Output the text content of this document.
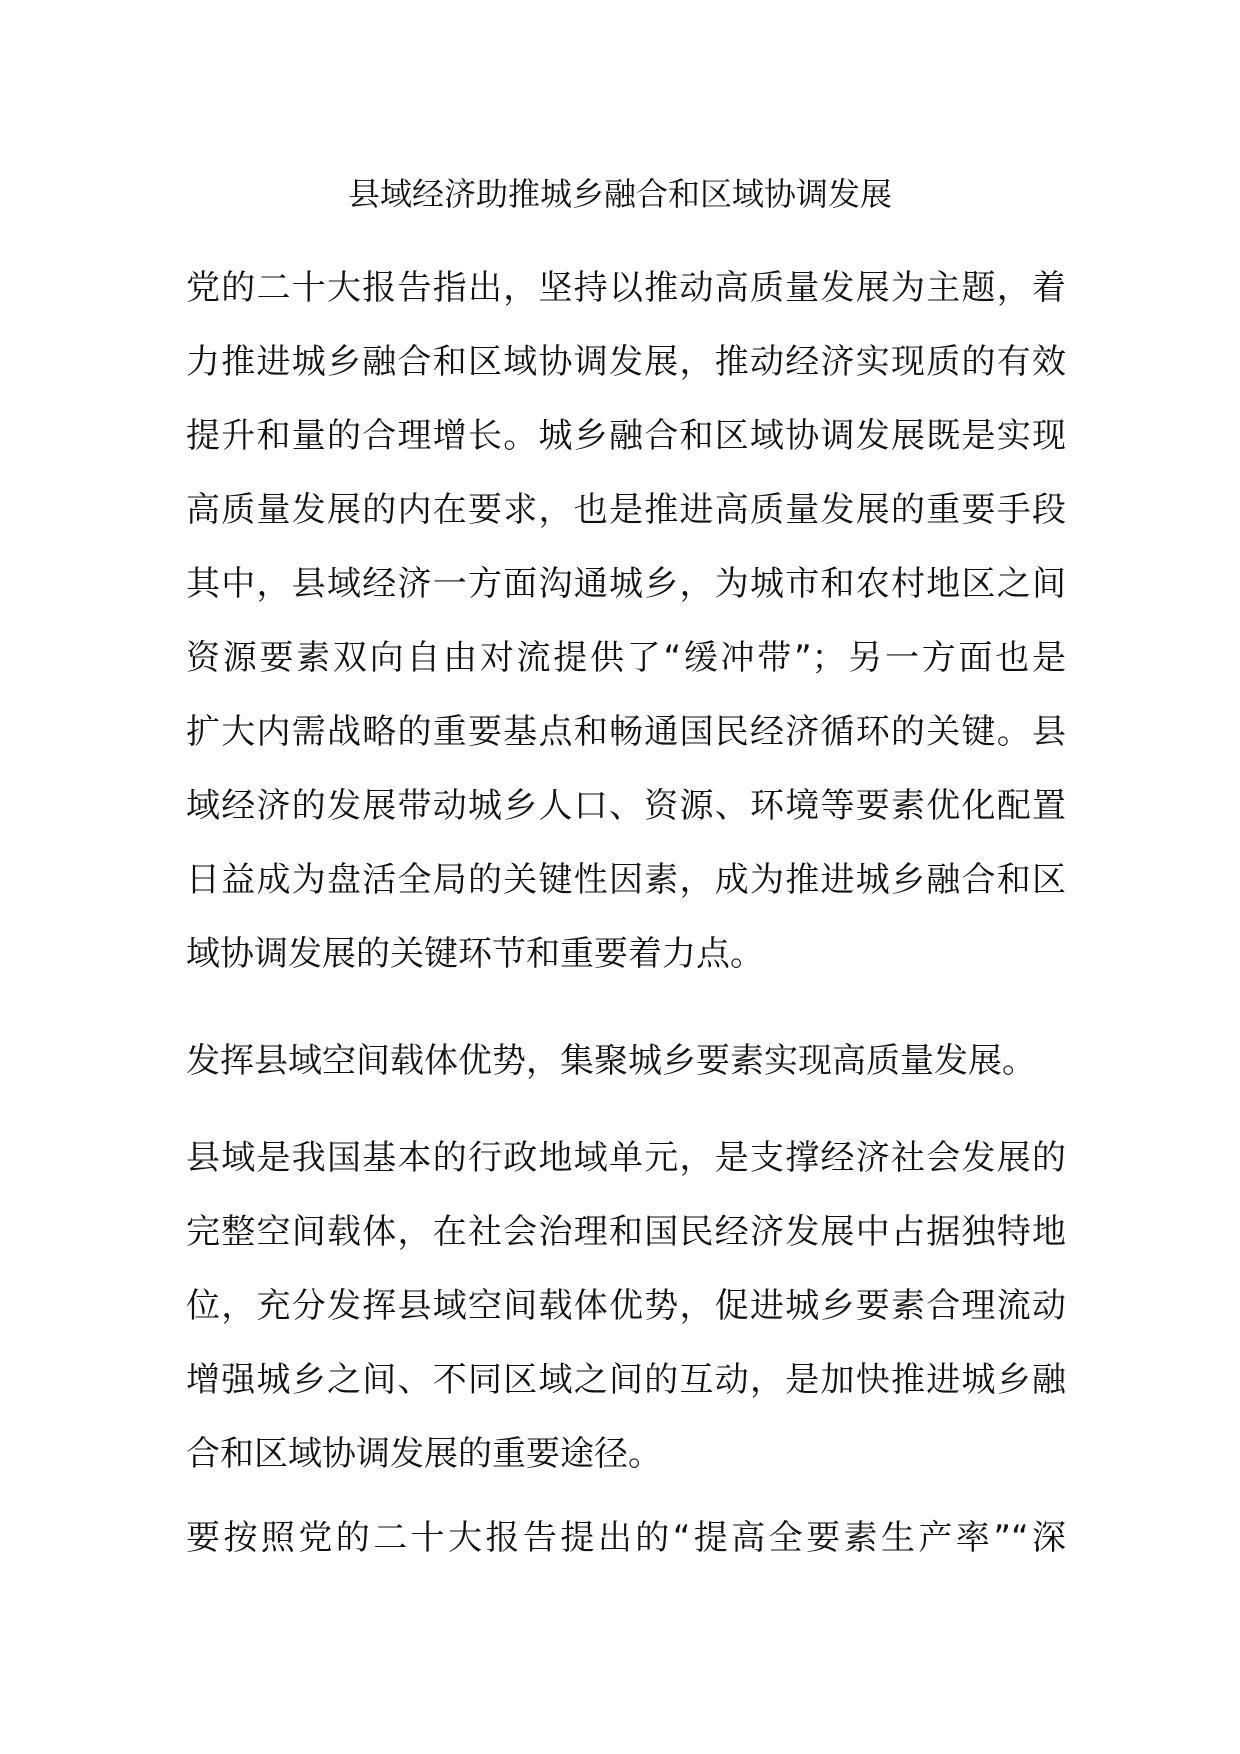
县域经济助推城乡融合和区域协调发展
党的二十大报告指出，坚持以推动高质量发展为主题，着
力推进城乡融合和区域协调发展，推动经济实现质的有效
提升和量的合理增长。城乡融合和区域协调发展既是实现
高质量发展的内在要求，也是推进高质量发展的重要手段
其中，县域经济一方面沟通城乡，为城市和农村地区之间
资源要素双向自由对流提供了“缓冲带”；另一方面也是
扩大内需战略的重要基点和畅通国民经济循环的关键。县
域经济的发展带动城乡人口、资源、环境等要素优化配置
日益成为盘活全局的关键性因素，成为推进城乡融合和区
域协调发展的关键环节和重要着力点。
发挥县域空间载体优势，集聚城乡要素实现高质量发展。
县域是我国基本的行政地域单元，是支撑经济社会发展的
完整空间载体，在社会治理和国民经济发展中占据独特地
位，充分发挥县域空间载体优势，促进城乡要素合理流动
增强城乡之间、不同区域之间的互动，是加快推进城乡融
合和区域协调发展的重要途径。
要按照党的二十大报告提出的“提高全要素生产率”“深
